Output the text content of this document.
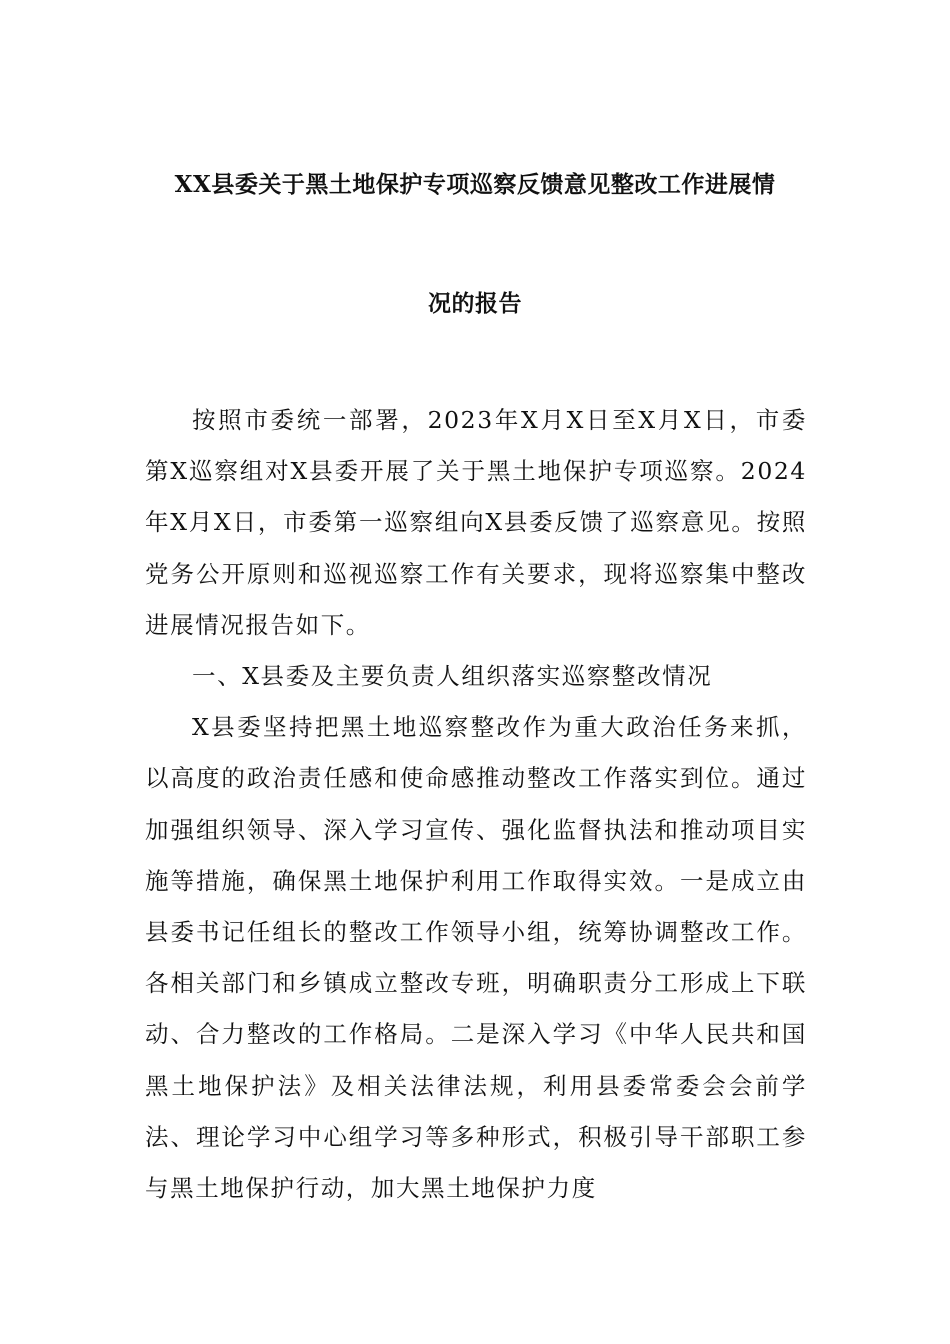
XX县委关于黑土地保护专项巡察反馈意见整改工作进展情
况的报告

按照市委统一部署，2023年X月X日至X月X日，市委第X巡察组对X县委开展了关于黑土地保护专项巡察。2024年X月X日，市委第一巡察组向X县委反馈了巡察意见。按照党务公开原则和巡视巡察工作有关要求，现将巡察集中整改进展情况报告如下。

一、X县委及主要负责人组织落实巡察整改情况

X县委坚持把黑土地巡察整改作为重大政治任务来抓，以高度的政治责任感和使命感推动整改工作落实到位。通过加强组织领导、深入学习宣传、强化监督执法和推动项目实施等措施，确保黑土地保护利用工作取得实效。一是成立由县委书记任组长的整改工作领导小组，统筹协调整改工作。各相关部门和乡镇成立整改专班，明确职责分工形成上下联动、合力整改的工作格局。二是深入学习《中华人民共和国黑土地保护法》及相关法律法规，利用县委常委会会前学法、理论学习中心组学习等多种形式，积极引导干部职工参与黑土地保护行动，加大黑土地保护力度
